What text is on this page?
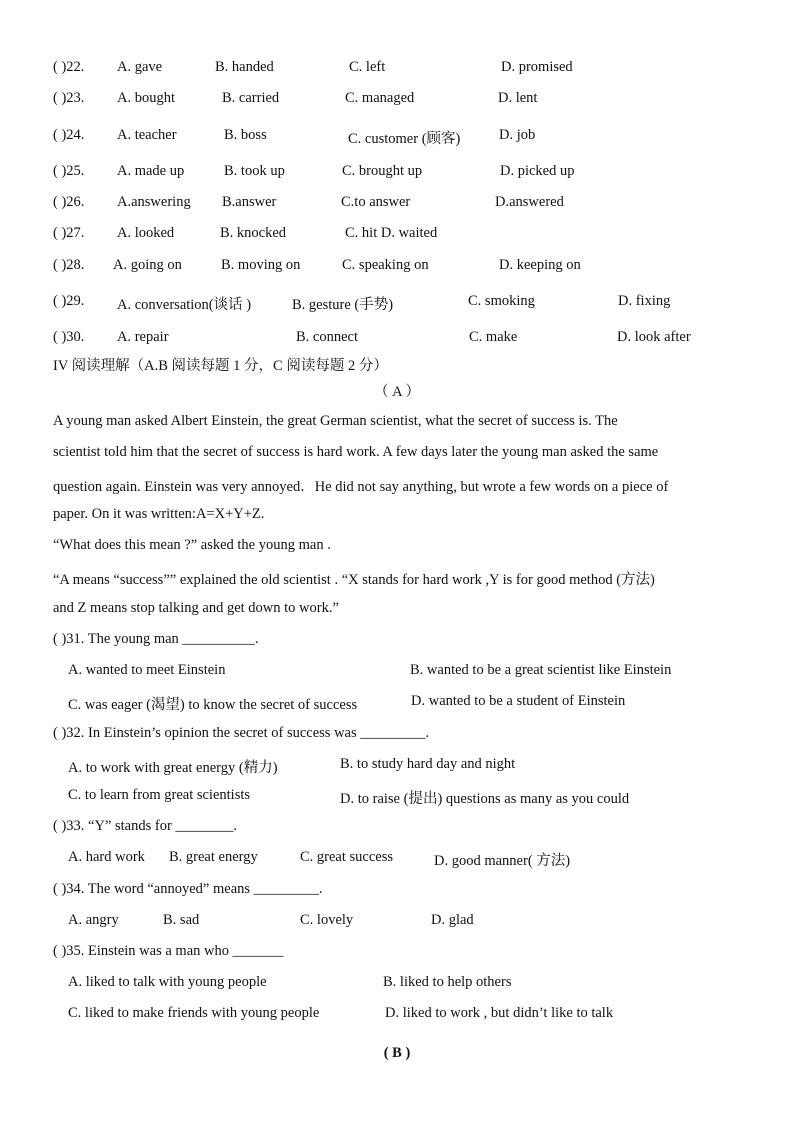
( )22. A. gave	B. handed	C. left	D. promised
( )23. A. bought	B. carried	C. managed	D. lent
( )24. A. teacher	B. boss	C. customer (顾客)	D. job
( )25. A. made up	B. took up	C. brought up	D. picked up
( )26. A.answering B.answer	C.to answer	D.answered
( )27. A. looked	B. knocked	C. hit D. waited
( )28. A. going on	B. moving on	C. speaking on	D. keeping on
( )29. A. conversation(谈话 )	B. gesture (手势)	C. smoking	D. fixing
( )30. A. repair	B. connect	C. make	D. look after
IV 阅读理解（A.B 阅读每题 1 分，C 阅读每题 2 分）
（ A ）
A young man asked Albert Einstein, the great German scientist, what the secret of success is. The
scientist told him that the secret of success is hard work. A few days later the young man asked the same
question again. Einstein was very annoyed．He did not say anything, but wrote a few words on a piece of
paper. On it was written:A=X+Y+Z.
“What does this mean ?” asked the young man .
“A means “success”” explained the old scientist . “X stands for hard work ,Y is for good method (方法)
and Z means stop talking and get down to work.”
( )31. The young man __________.
A. wanted to meet Einstein	B. wanted to be a great scientist like Einstein
C. was eager (渴望) to know the secret of success	D. wanted to be a student of Einstein
( )32. In Einstein’s opinion the secret of success was _________.
A. to work with great energy (精力)	B. to study hard day and night
C. to learn from great scientists	D. to raise (提出) questions as many as you could
( )33. “Y” stands for ________.
A. hard work B. great energy	C. great success	D. good manner( 方法)
( )34. The word “annoyed” means _________.
A. angry	B. sad	C. lovely	D. glad
( )35. Einstein was a man who _______
A. liked to talk with young people	B. liked to help others
C. liked to make friends with young people	D. liked to work , but didn’t like to talk
( B )
